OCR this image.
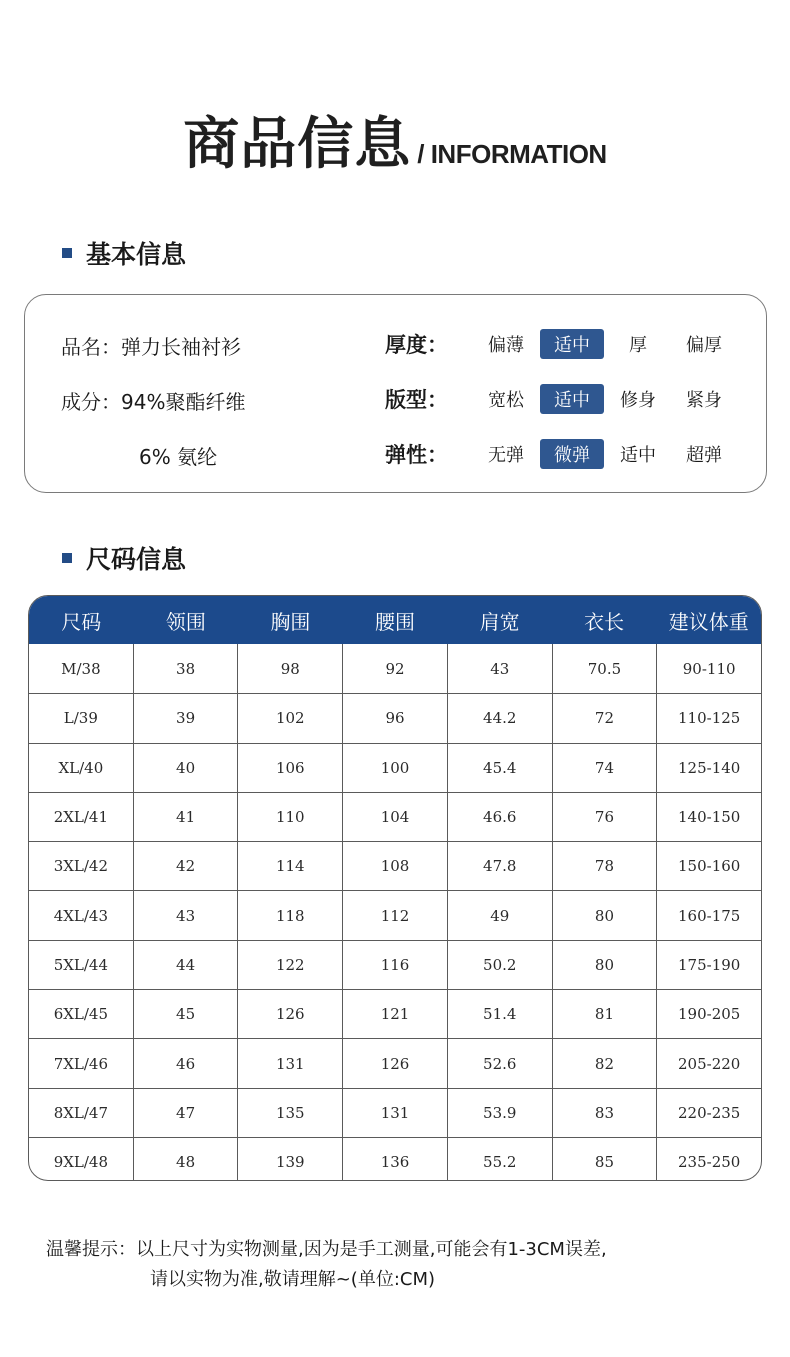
商品信息 / INFORMATION
基本信息
品名：弹力长袖衬衫
成分：94%聚酯纤维
6% 氨纶
厚度：	偏薄	适中	厚	偏厚
版型：	宽松	适中	修身	紧身
弹性：	无弹	微弹	适中	超弹
尺码信息
尺码	领围	胸围	腰围	肩宽	衣长	建议体重
M/38	38	98	92	43	70.5	90-110
L/39	39	102	96	44.2	72	110-125
XL/40	40	106	100	45.4	74	125-140
2XL/41	41	110	104	46.6	76	140-150
3XL/42	42	114	108	47.8	78	150-160
4XL/43	43	118	112	49	80	160-175
5XL/44	44	122	116	50.2	80	175-190
6XL/45	45	126	121	51.4	81	190-205
7XL/46	46	131	126	52.6	82	205-220
8XL/47	47	135	131	53.9	83	220-235
9XL/48	48	139	136	55.2	85	235-250
温馨提示：以上尺寸为实物测量,因为是手工测量,可能会有1-3CM误差,
请以实物为准,敬请理解~(单位:CM)
